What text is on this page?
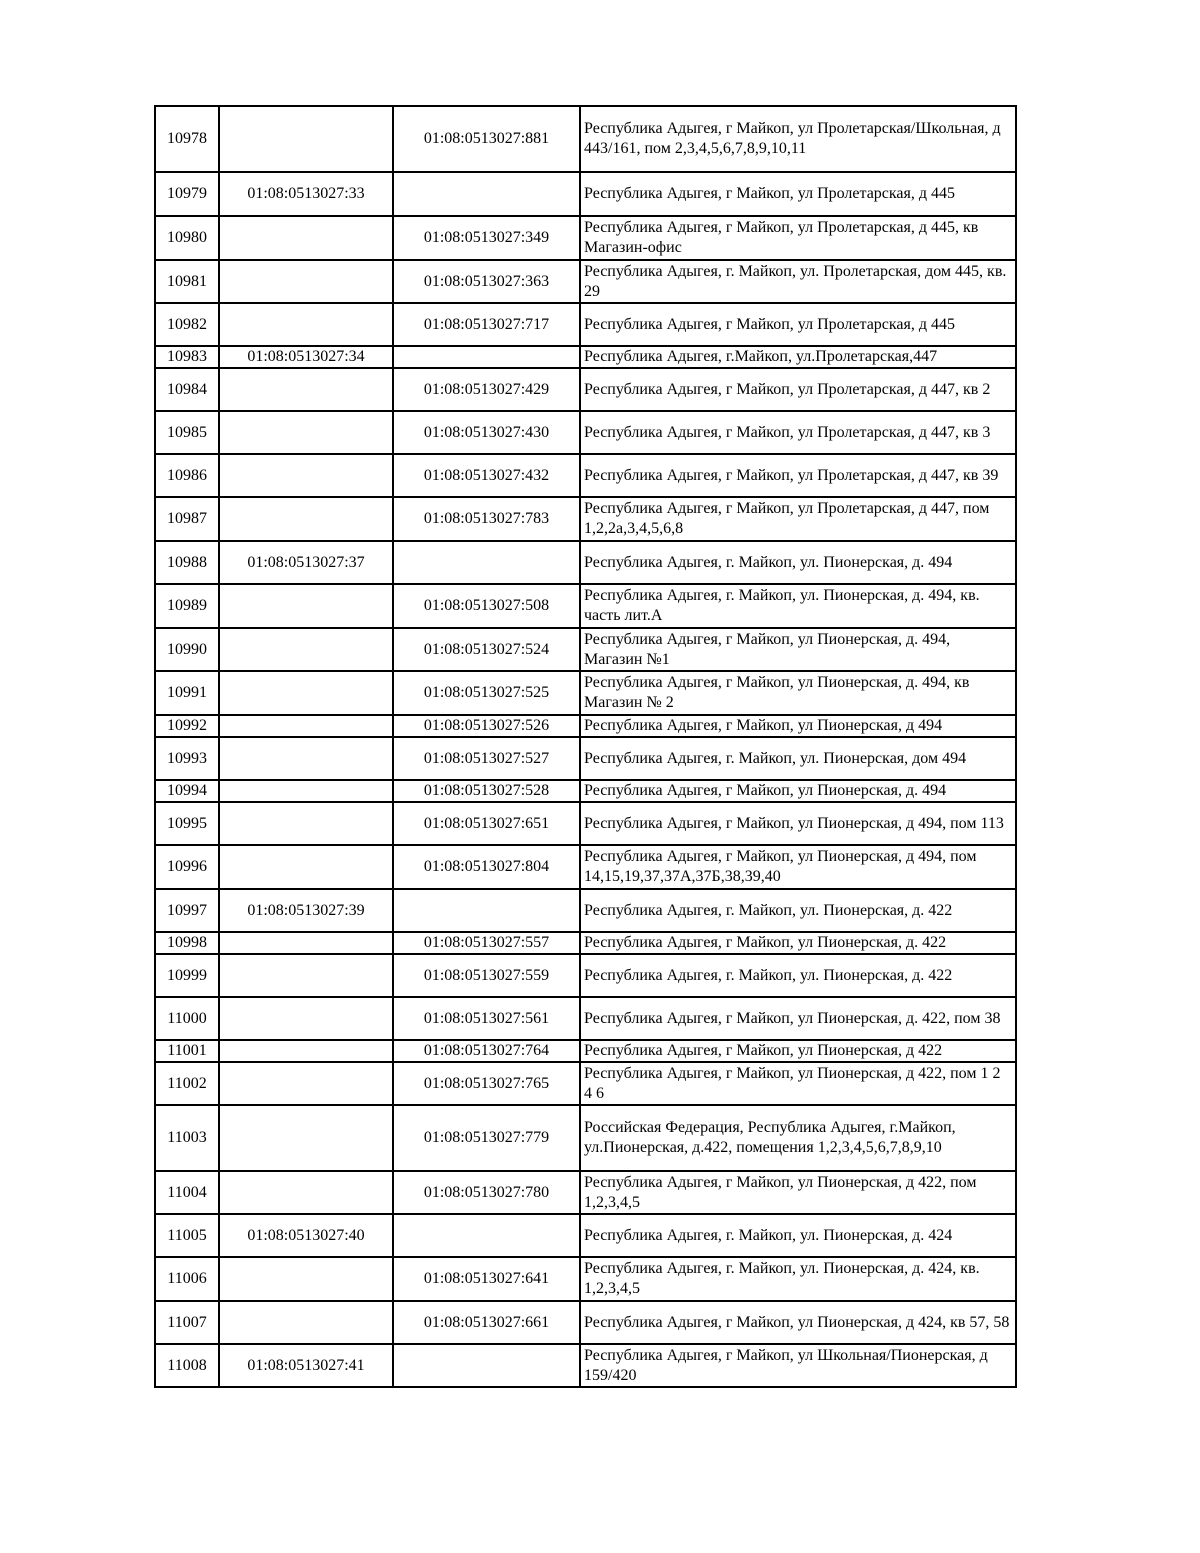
10978		01:08:0513027:881	Республика Адыгея, г Майкоп, ул Пролетарская/Школьная, д 443/161, пом 2,3,4,5,6,7,8,9,10,11
10979	01:08:0513027:33		Республика Адыгея, г Майкоп, ул Пролетарская, д 445
10980		01:08:0513027:349	Республика Адыгея, г Майкоп, ул Пролетарская, д 445, кв Магазин-офис
10981		01:08:0513027:363	Республика Адыгея, г. Майкоп, ул. Пролетарская, дом 445, кв. 29
10982		01:08:0513027:717	Республика Адыгея, г Майкоп, ул Пролетарская, д 445
10983	01:08:0513027:34		Республика Адыгея, г.Майкоп, ул.Пролетарская,447
10984		01:08:0513027:429	Республика Адыгея, г Майкоп, ул Пролетарская, д 447, кв 2
10985		01:08:0513027:430	Республика Адыгея, г Майкоп, ул Пролетарская, д 447, кв 3
10986		01:08:0513027:432	Республика Адыгея, г Майкоп, ул Пролетарская, д 447, кв 39
10987		01:08:0513027:783	Республика Адыгея, г Майкоп, ул Пролетарская, д 447, пом 1,2,2а,3,4,5,6,8
10988	01:08:0513027:37		Республика Адыгея, г. Майкоп, ул. Пионерская, д. 494
10989		01:08:0513027:508	Республика Адыгея, г. Майкоп, ул. Пионерская, д. 494, кв. часть лит.А
10990		01:08:0513027:524	Республика Адыгея, г Майкоп, ул Пионерская, д. 494, Магазин №1
10991		01:08:0513027:525	Республика Адыгея, г Майкоп, ул Пионерская, д. 494, кв Магазин № 2
10992		01:08:0513027:526	Республика Адыгея, г Майкоп, ул Пионерская, д 494
10993		01:08:0513027:527	Республика Адыгея, г. Майкоп, ул. Пионерская, дом 494
10994		01:08:0513027:528	Республика Адыгея, г Майкоп, ул Пионерская, д. 494
10995		01:08:0513027:651	Республика Адыгея, г Майкоп, ул Пионерская, д 494, пом 113
10996		01:08:0513027:804	Республика Адыгея, г Майкоп, ул Пионерская, д 494, пом 14,15,19,37,37А,37Б,38,39,40
10997	01:08:0513027:39		Республика Адыгея, г. Майкоп, ул. Пионерская, д. 422
10998		01:08:0513027:557	Республика Адыгея, г Майкоп, ул Пионерская, д. 422
10999		01:08:0513027:559	Республика Адыгея, г. Майкоп, ул. Пионерская, д. 422
11000		01:08:0513027:561	Республика Адыгея, г Майкоп, ул Пионерская, д. 422, пом 38
11001		01:08:0513027:764	Республика Адыгея, г Майкоп, ул Пионерская, д 422
11002		01:08:0513027:765	Республика Адыгея, г Майкоп, ул Пионерская, д 422, пом 1 2 4 6
11003		01:08:0513027:779	Российская Федерация, Республика Адыгея, г.Майкоп, ул.Пионерская, д.422, помещения 1,2,3,4,5,6,7,8,9,10
11004		01:08:0513027:780	Республика Адыгея, г Майкоп, ул Пионерская, д 422, пом 1,2,3,4,5
11005	01:08:0513027:40		Республика Адыгея, г. Майкоп, ул. Пионерская, д. 424
11006		01:08:0513027:641	Республика Адыгея, г. Майкоп, ул. Пионерская, д. 424, кв. 1,2,3,4,5
11007		01:08:0513027:661	Республика Адыгея, г Майкоп, ул Пионерская, д 424, кв 57, 58
11008	01:08:0513027:41		Республика Адыгея, г Майкоп, ул Школьная/Пионерская, д 159/420
